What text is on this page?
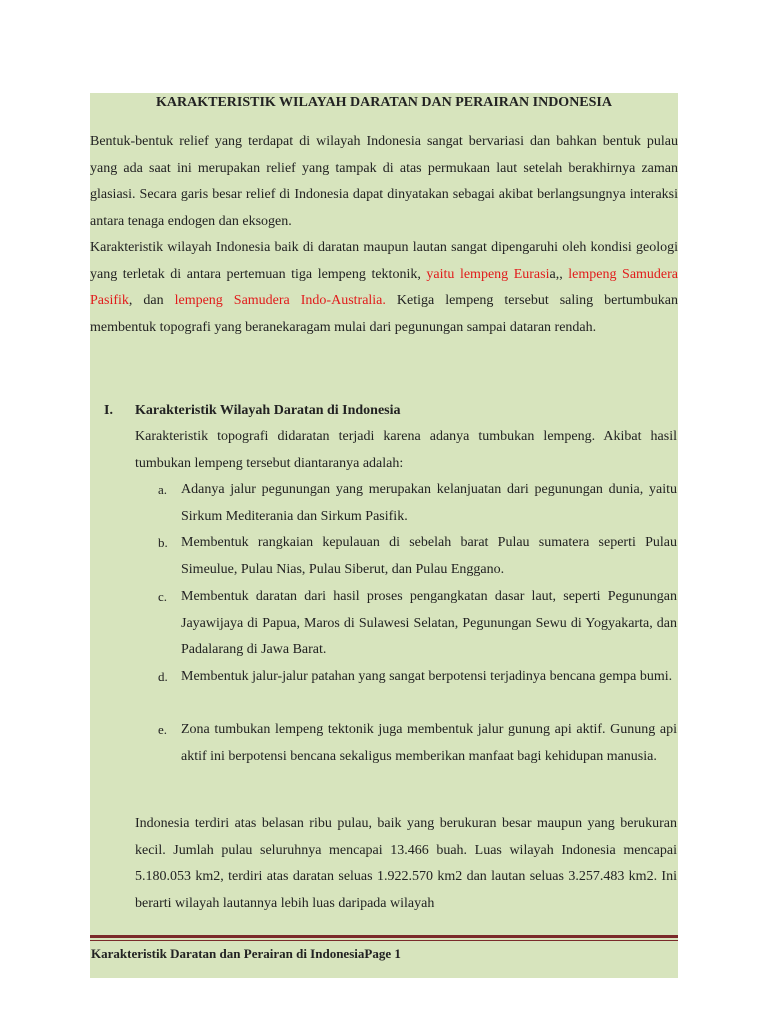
KARAKTERISTIK WILAYAH DARATAN DAN PERAIRAN INDONESIA
Bentuk-bentuk relief yang terdapat di wilayah Indonesia sangat bervariasi dan bahkan bentuk pulau yang ada saat ini merupakan relief yang tampak di atas permukaan laut setelah berakhirnya zaman glasiasi. Secara garis besar relief di Indonesia dapat dinyatakan sebagai akibat berlangsungnya interaksi antara tenaga endogen dan eksogen.
Karakteristik wilayah Indonesia baik di daratan maupun lautan sangat dipengaruhi oleh kondisi geologi yang terletak di antara pertemuan tiga lempeng tektonik, yaitu lempeng Eurasia,, lempeng Samudera Pasifik, dan lempeng Samudera Indo-Australia. Ketiga lempeng tersebut saling bertumbukan membentuk topografi yang beranekaragam mulai dari pegunungan sampai dataran rendah.
I. Karakteristik Wilayah Daratan di Indonesia
Karakteristik topografi didaratan terjadi karena adanya tumbukan lempeng. Akibat hasil tumbukan lempeng tersebut diantaranya adalah:
a. Adanya jalur pegunungan yang merupakan kelanjuatan dari pegunungan dunia, yaitu Sirkum Mediterania dan Sirkum Pasifik.
b. Membentuk rangkaian kepulauan di sebelah barat Pulau sumatera seperti Pulau Simeulue, Pulau Nias, Pulau Siberut, dan Pulau Enggano.
c. Membentuk daratan dari hasil proses pengangkatan dasar laut, seperti Pegunungan Jayawijaya di Papua, Maros di Sulawesi Selatan, Pegunungan Sewu di Yogyakarta, dan Padalarang di Jawa Barat.
d. Membentuk jalur-jalur patahan yang sangat berpotensi terjadinya bencana gempa bumi.
e. Zona tumbukan lempeng tektonik juga membentuk jalur gunung api aktif. Gunung api aktif ini berpotensi bencana sekaligus memberikan manfaat bagi kehidupan manusia.
Indonesia terdiri atas belasan ribu pulau, baik yang berukuran besar maupun yang berukuran kecil. Jumlah pulau seluruhnya mencapai 13.466 buah. Luas wilayah Indonesia mencapai 5.180.053 km2, terdiri atas daratan seluas 1.922.570 km2 dan lautan seluas 3.257.483 km2. Ini berarti wilayah lautannya lebih luas daripada wilayah
Karakteristik Daratan dan Perairan di IndonesiaPage 1
